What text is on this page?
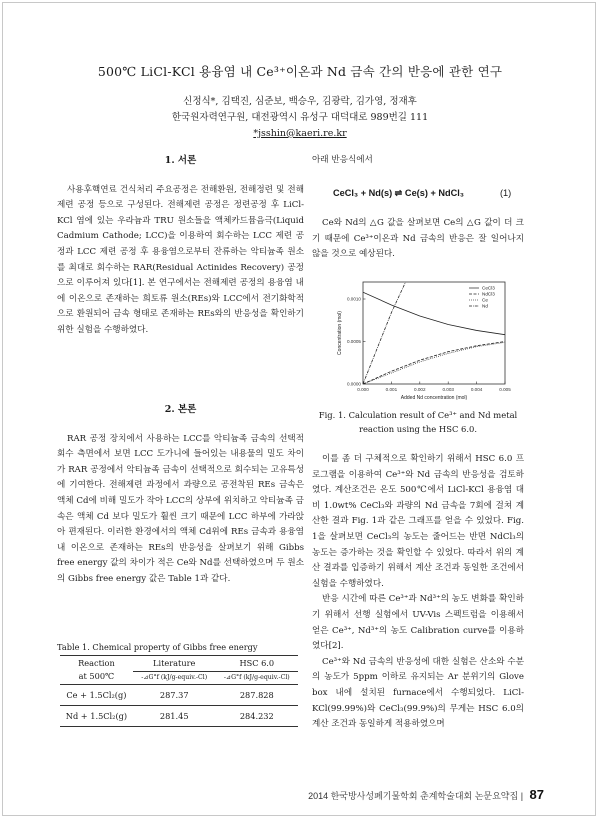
500℃ LiCl-KCl 용융염 내 Ce³⁺이온과 Nd 금속 간의 반응에 관한 연구
신정식*, 김택진, 심준보, 백승우, 김광락, 김가영, 정재후
한국원자력연구원, 대전광역시 유성구 대덕대로 989번길 111
*jsshin@kaeri.re.kr

1. 서론

사용후핵연료 건식처리 주요공정은 전해환원, 전해정련 및 전해제련 공정 등으로 구성된다. 전해제련 공정은 정련공정 후 LiCl-KCl 염에 있는 우라늄과 TRU 원소들을 액체카드뮴음극(Liquid Cadmium Cathode; LCC)을 이용하여 회수하는 LCC 제련 공정과 LCC 제련 공정 후 용융염으로부터 잔류하는 악티늄족 원소를 최대로 회수하는 RAR(Residual Actinides Recovery) 공정으로 이루어져 있다[1]. 본 연구에서는 전해제련 공정의 용융염 내에 이온으로 존재하는 희토류 원소(REs)와 LCC에서 전기화학적으로 환원되어 금속 형태로 존재하는 REs와의 반응성을 확인하기 위한 실험을 수행하였다.

2. 본론

RAR 공정 장치에서 사용하는 LCC를 악티늄족 금속의 선택적 회수 측면에서 보면 LCC 도가니에 들어있는 내용물의 밀도 차이가 RAR 공정에서 악티늄족 금속이 선택적으로 회수되는 고유특성에 기여한다. 전해제련 과정에서 과량으로 공전착된 REs 금속은 액체 Cd에 비해 밀도가 작아 LCC의 상부에 위치하고 악티늄족 금속은 액체 Cd 보다 밀도가 훨씬 크기 때문에 LCC 하부에 가라앉아 편재된다. 이러한 환경에서의 액체 Cd위에 REs 금속과 용융염 내 이온으로 존재하는 REs의 반응성을 살펴보기 위해 Gibbs free energy 값의 차이가 적은 Ce와 Nd를 선택하였으며 두 원소의 Gibbs free energy 값은 Table 1과 같다.

Table 1. Chemical property of Gibbs free energy
Reaction
at 500℃	Literature	HSC 6.0
	-⊿G°f (kJ/g-equiv.-Cl)	-⊿G°f (kJ/g-equiv.-Cl)
Ce + 1.5Cl₂(g)	287.37	287.828
Nd + 1.5Cl₂(g)	281.45	284.232
아래 반응식에서
CeCl₃ + Nd(s) ⇌ Ce(s) + NdCl₃	(1)

Ce와 Nd의 △G 값을 살펴보면 Ce의 △G 값이 더 크기 때문에 Ce³⁺이온과 Nd 금속의 반응은 잘 일어나지 않을 것으로 예상된다.

0.000	0.001	0.002	0.003	0.004	0.005
0.0000
0.0005
0.0010
Added Nd concentration (mol)
Concentration (mol)
CeCl3
NdCl3
Ce
Nd
Fig. 1. Calculation result of Ce³⁺ and Nd metal reaction using the HSC 6.0.

이를 좀 더 구체적으로 확인하기 위해서 HSC 6.0 프로그램을 이용하여 Ce³⁺와 Nd 금속의 반응성을 검토하였다. 계산조건은 온도 500℃에서 LiCl-KCl 용융염 대비 1.0wt% CeCl₃와 과량의 Nd 금속을 7회에 걸쳐 계산한 결과 Fig. 1과 같은 그래프를 얻을 수 있었다. Fig. 1을 살펴보면 CeCl₃의 농도는 줄어드는 반면 NdCl₃의 농도는 증가하는 것을 확인할 수 있었다. 따라서 위의 계산 결과를 입증하기 위해서 계산 조건과 동일한 조건에서 실험을 수행하였다.

반응 시간에 따른 Ce³⁺과 Nd³⁺의 농도 변화를 확인하기 위해서 선행 실험에서 UV-Vis 스펙트럼을 이용해서 얻은 Ce³⁺, Nd³⁺의 농도 Calibration curve를 이용하였다[2].

Ce³⁺와 Nd 금속의 반응성에 대한 실험은 산소와 수분의 농도가 5ppm 이하로 유지되는 Ar 분위기의 Glove box 내에 설치된 furnace에서 수행되었다. LiCl-KCl(99.99%)와 CeCl₃(99.9%)의 무게는 HSC 6.0의 계산 조건과 동일하게 적용하였으며

2014 한국방사성폐기물학회 춘계학술대회 논문요약집 | 87
